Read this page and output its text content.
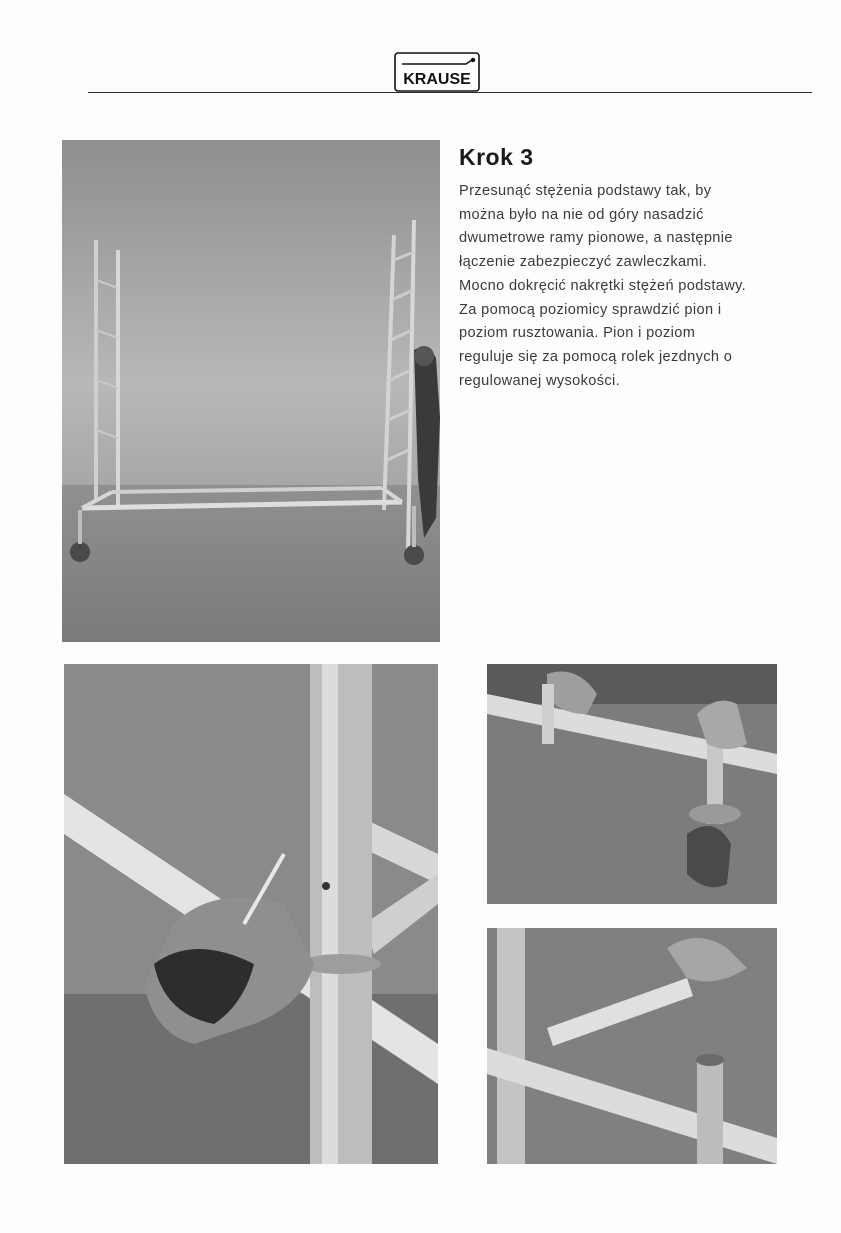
KRAUSE
Krok 3
Przesunąć stężenia podstawy tak, by
można było na nie od góry nasadzić
dwumetrowe ramy pionowe, a następnie
łączenie zabezpieczyć zawleczkami.
Mocno dokręcić nakrętki stężeń podstawy.
Za pomocą poziomicy sprawdzić pion i
poziom rusztowania. Pion i poziom
reguluje się za pomocą rolek jezdnych o
regulowanej wysokości.
